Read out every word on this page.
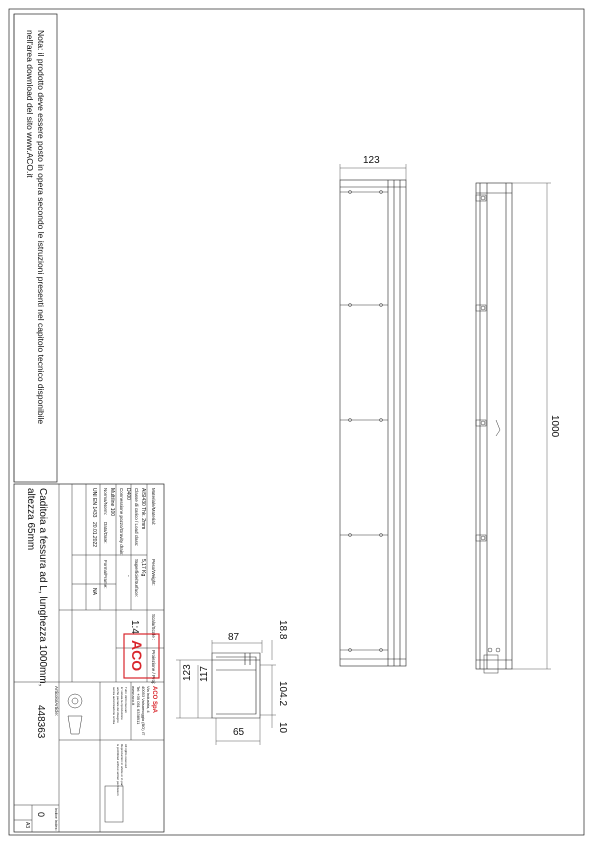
Nota: il prodotto deve essere posto in opera secondo le istruzioni presenti nel capitolo tecnico disponibile
nell'area download del sito www.ACO.it
Caditoia a fessura ad L, lunghezza 1000mm,
altezza 65mm	Materiale/Material:
AISI430 Thk. 2mm
Classe di carico / Load class:
D400
Peso/Weight:
5,17 Kg
Superficie/Surface:
-
Connessione pozzo/Gravity drain:
Multiline 100
Norma/Norm:
UNI EN 1433
Data/Date:
20.01.2022
Forma/Frame:
NA
Scala/Scale :
1:4
Proiezione / Proj:
ACO
ACO SpA
Via Industria, 4
40053 Valsamoggia (BO) IT
Tel: +39 051 6338911
www.aco.it
Tutti i diritti riservati
E' vietata la riproduzione
anche parziale del disegno
senza autorizzazione scritta
All rights reserved
Reproduction in whole or in part
is prohibited without written permission
Articolo/Article:
448363
Indice Index:
0
A3
123
1000
87	18.8
123 117
104.2
65	10
